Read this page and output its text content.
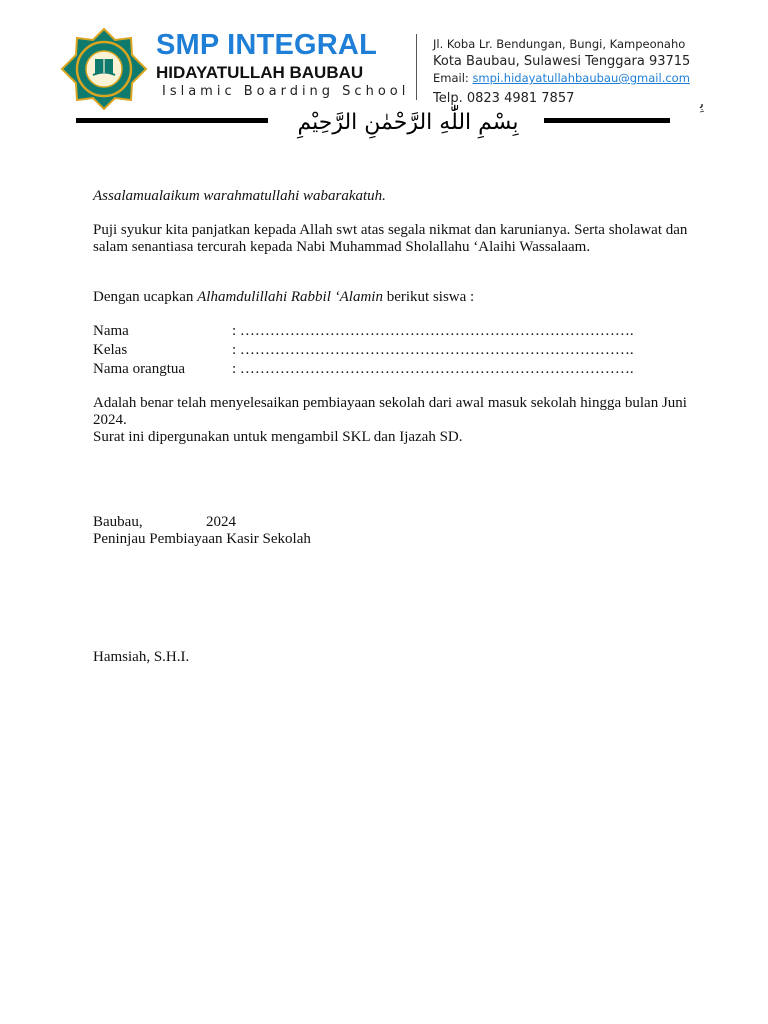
SMP INTEGRAL
HIDAYATULLAH BAUBAU
Islamic Boarding School
Jl. Koba Lr. Bendungan, Bungi, Kampeonaho
Kota Baubau, Sulawesi Tenggara 93715
Email: smpi.hidayatullahbaubau@gmail.com
Telp. 0823 4981 7857
بِسْمِ اللّٰهِ الرَّحْمٰنِ الرَّحِيْمِ
ﺑِ

Assalamualaikum warahmatullahi wabarakatuh.

Puji syukur kita panjatkan kepada Allah swt atas segala nikmat dan karunianya. Serta sholawat dan salam senantiasa tercurah kepada Nabi Muhammad Sholallahu ‘Alaihi Wassalaam.

Dengan ucapkan Alhamdulillahi Rabbil ‘Alamin berikut siswa :

Nama	: …………………………………………………………………….
Kelas	: …………………………………………………………………….
Nama orangtua	: …………………………………………………………………….

Adalah benar telah menyelesaikan pembiayaan sekolah dari awal masuk sekolah hingga bulan Juni 2024.

Surat ini dipergunakan untuk mengambil SKL dan Ijazah SD.

Baubau,	2024

Peninjau Pembiayaan Kasir Sekolah

Hamsiah, S.H.I.
